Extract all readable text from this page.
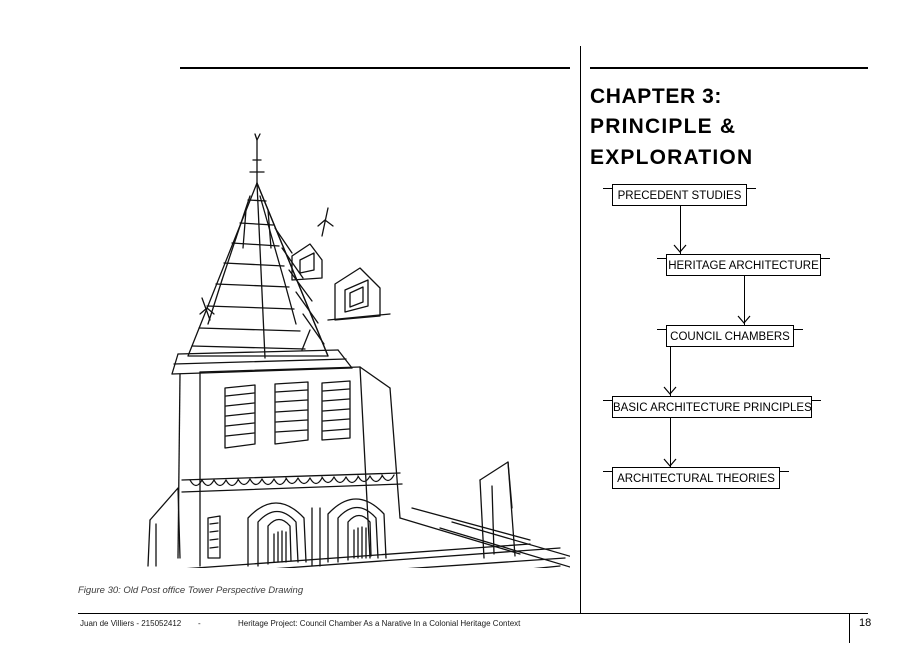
Figure 30: Old Post office Tower Perspective Drawing
CHAPTER 3:
PRINCIPLE & EXPLORATION
PRECEDENT STUDIES
HERITAGE ARCHITECTURE
COUNCIL CHAMBERS
BASIC ARCHITECTURE PRINCIPLES
ARCHITECTURAL THEORIES
Juan de Villiers - 215052412 -	Heritage Project: Council Chamber As a Narative In a Colonial Heritage Context	18
